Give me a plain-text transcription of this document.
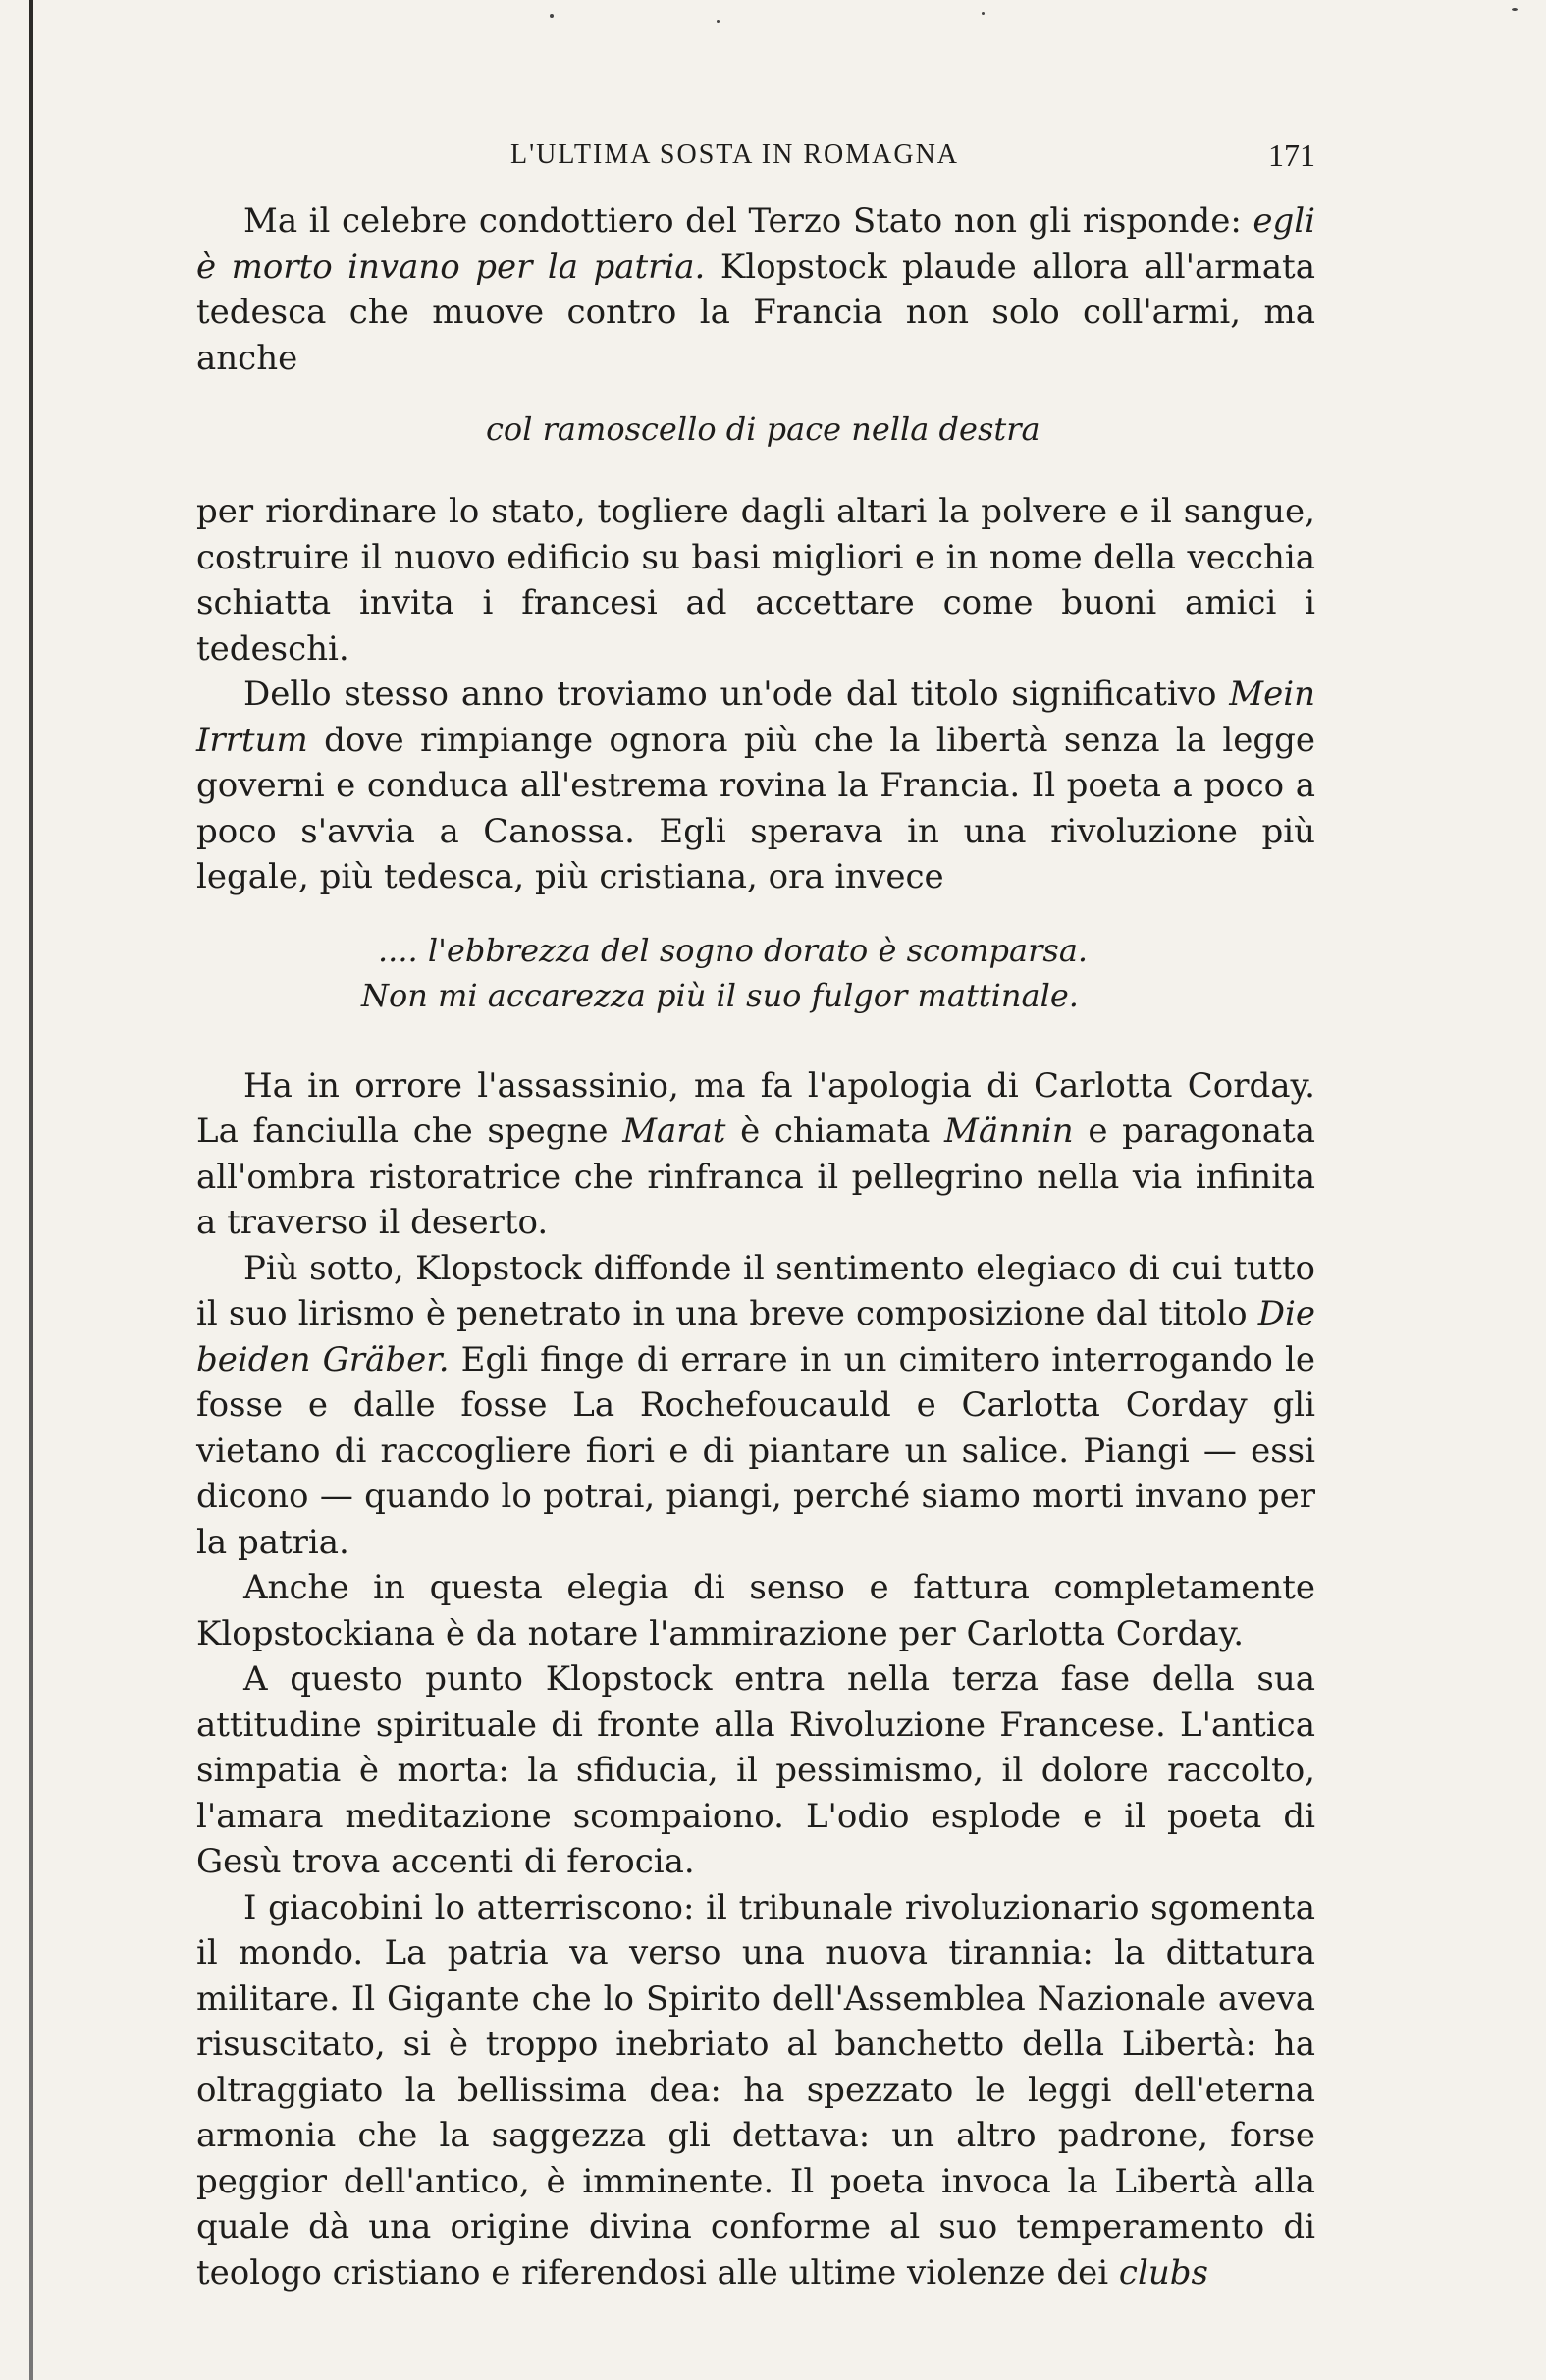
L'ULTIMA SOSTA IN ROMAGNA	171

Ma il celebre condottiero del Terzo Stato non gli risponde: egli è morto invano per la patria. Klopstock plaude allora all'armata tedesca che muove contro la Francia non solo coll'armi, ma anche

col ramoscello di pace nella destra

per riordinare lo stato, togliere dagli altari la polvere e il sangue, costruire il nuovo edificio su basi migliori e in nome della vecchia schiatta invita i francesi ad accettare come buoni amici i tedeschi.

Dello stesso anno troviamo un'ode dal titolo significativo Mein Irrtum dove rimpiange ognora più che la libertà senza la legge governi e conduca all'estrema rovina la Francia. Il poeta a poco a poco s'avvia a Canossa. Egli sperava in una rivoluzione più legale, più tedesca, più cristiana, ora invece

.... l'ebbrezza del sogno dorato è scomparsa.
Non mi accarezza più il suo fulgor mattinale.

Ha in orrore l'assassinio, ma fa l'apologia di Carlotta Corday. La fanciulla che spegne Marat è chiamata Männin e paragonata all'ombra ristoratrice che rinfranca il pellegrino nella via infinita a traverso il deserto.

Più sotto, Klopstock diffonde il sentimento elegiaco di cui tutto il suo lirismo è penetrato in una breve composizione dal titolo Die beiden Gräber. Egli finge di errare in un cimitero interrogando le fosse e dalle fosse La Rochefoucauld e Carlotta Corday gli vietano di raccogliere fiori e di piantare un salice. Piangi — essi dicono — quando lo potrai, piangi, perché siamo morti invano per la patria.

Anche in questa elegia di senso e fattura completamente Klopstockiana è da notare l'ammirazione per Carlotta Corday.

A questo punto Klopstock entra nella terza fase della sua attitudine spirituale di fronte alla Rivoluzione Francese. L'antica simpatia è morta: la sfiducia, il pessimismo, il dolore raccolto, l'amara meditazione scompaiono. L'odio esplode e il poeta di Gesù trova accenti di ferocia.

I giacobini lo atterriscono: il tribunale rivoluzionario sgomenta il mondo. La patria va verso una nuova tirannia: la dittatura militare. Il Gigante che lo Spirito dell'Assemblea Nazionale aveva risuscitato, si è troppo inebriato al banchetto della Libertà: ha oltraggiato la bellissima dea: ha spezzato le leggi dell'eterna armonia che la saggezza gli dettava: un altro padrone, forse peggior dell'antico, è imminente. Il poeta invoca la Libertà alla quale dà una origine divina conforme al suo temperamento di teologo cristiano e riferendosi alle ultime violenze dei clubs
